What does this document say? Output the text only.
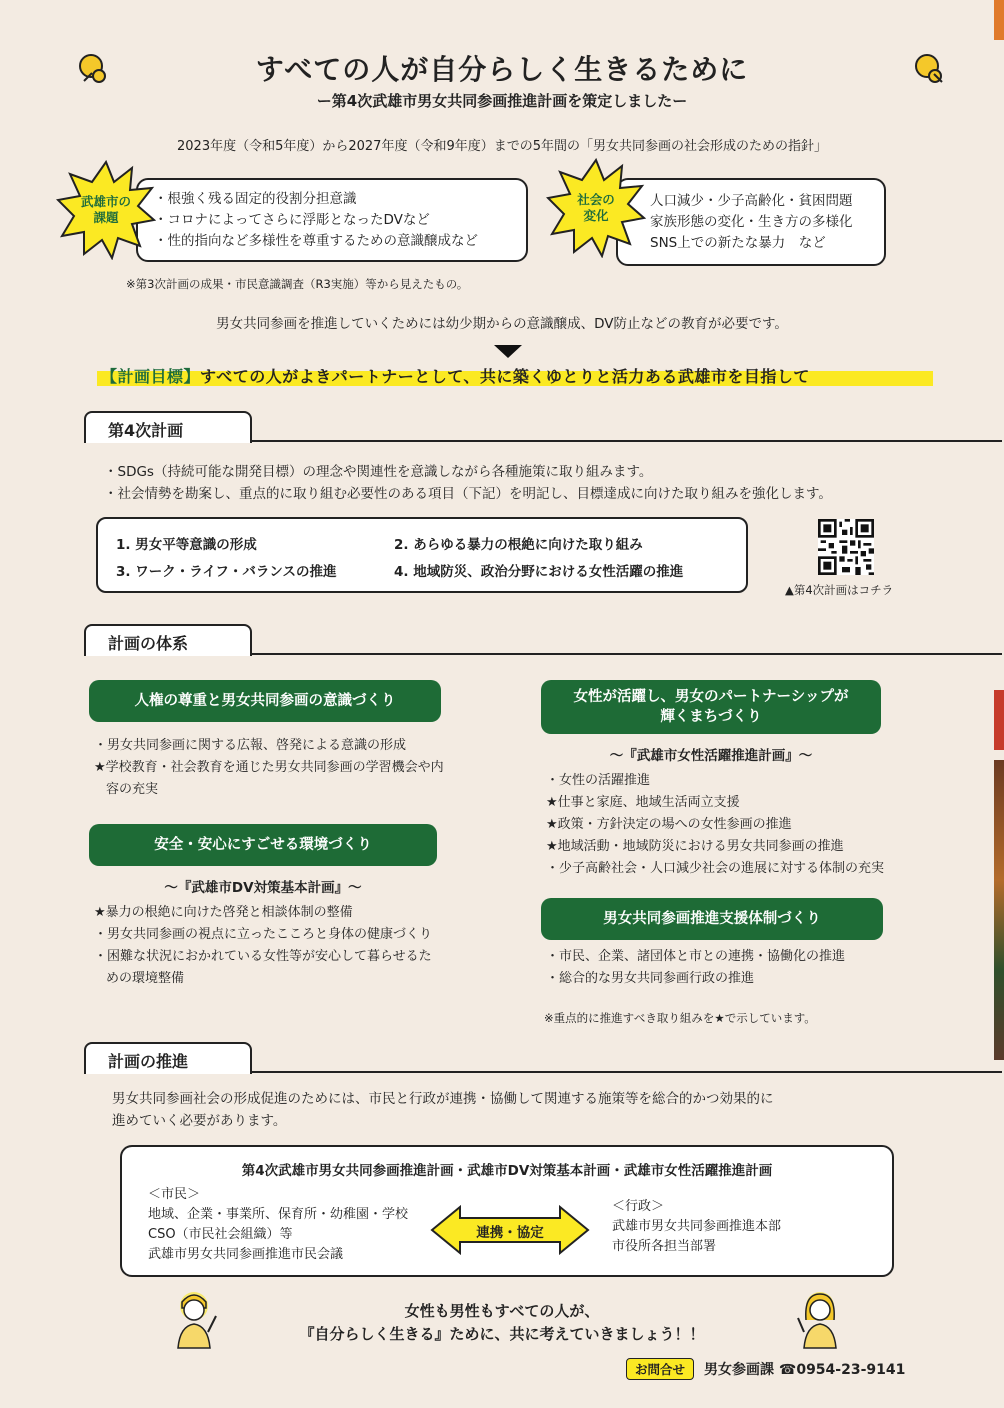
すべての人が自分らしく生きるために
ー第4次武雄市男女共同参画推進計画を策定しましたー
2023年度（令和5年度）から2027年度（令和9年度）までの5年間の「男女共同参画の社会形成のための指針」
・根強く残る固定的役割分担意識
・コロナによってさらに浮彫となったDVなど
・性的指向など多様性を尊重するための意識醸成など
武雄市の課題
人口減少・少子高齢化・貧困問題
家族形態の変化・生き方の多様化
SNS上での新たな暴力　など
社会の変化
※第3次計画の成果・市民意識調査（R3実施）等から見えたもの。
男女共同参画を推進していくためには幼少期からの意識醸成、DV防止などの教育が必要です。
【計画目標】すべての人がよきパートナーとして、共に築くゆとりと活力ある武雄市を目指して
第4次計画
・SDGs（持続可能な開発目標）の理念や関連性を意識しながら各種施策に取り組みます。
・社会情勢を勘案し、重点的に取り組む必要性のある項目（下記）を明記し、目標達成に向けた取り組みを強化します。
1. 男女平等意識の形成	2. あらゆる暴力の根絶に向けた取り組み
3. ワーク・ライフ・バランスの推進	4. 地域防災、政治分野における女性活躍の推進
▲第4次計画はコチラ
計画の体系
人権の尊重と男女共同参画の意識づくり
・男女共同参画に関する広報、啓発による意識の形成
★学校教育・社会教育を通じた男女共同参画の学習機会や内容の充実
安全・安心にすごせる環境づくり
〜『武雄市DV対策基本計画』〜
★暴力の根絶に向けた啓発と相談体制の整備
・男女共同参画の視点に立ったこころと身体の健康づくり
・困難な状況におかれている女性等が安心して暮らせるための環境整備
女性が活躍し、男女のパートナーシップが
輝くまちづくり
〜『武雄市女性活躍推進計画』〜
・女性の活躍推進
★仕事と家庭、地域生活両立支援
★政策・方針決定の場への女性参画の推進
★地域活動・地域防災における男女共同参画の推進
・少子高齢社会・人口減少社会の進展に対する体制の充実
男女共同参画推進支援体制づくり
・市民、企業、諸団体と市との連携・協働化の推進
・総合的な男女共同参画行政の推進
※重点的に推進すべき取り組みを★で示しています。
計画の推進
男女共同参画社会の形成促進のためには、市民と行政が連携・協働して関連する施策等を総合的かつ効果的に
進めていく必要があります。
第4次武雄市男女共同参画推進計画・武雄市DV対策基本計画・武雄市女性活躍推進計画
＜市民＞
地域、企業・事業所、保育所・幼稚園・学校
CSO（市民社会組織）等
武雄市男女共同参画推進市民会議
連携・協定
＜行政＞
武雄市男女共同参画推進本部
市役所各担当部署
女性も男性もすべての人が、
『自分らしく生きる』ために、共に考えていきましょう！！
お問合せ	男女参画課 ☎0954-23-9141
